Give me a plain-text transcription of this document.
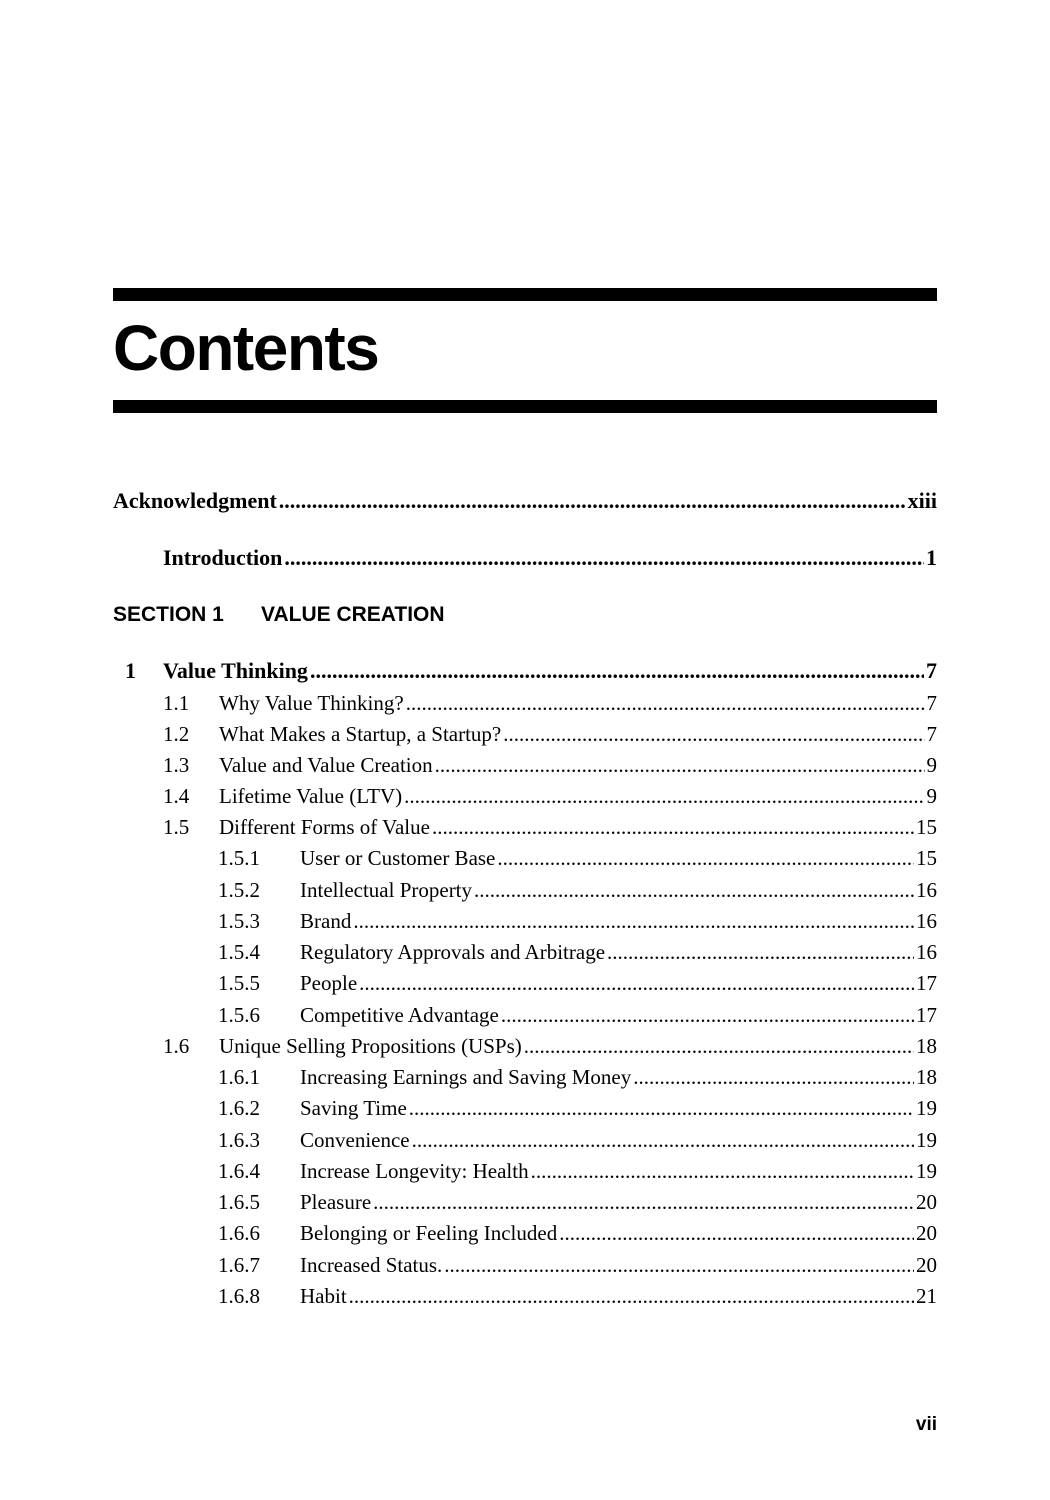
Contents
Acknowledgment .....	xiii
Introduction .....	1
SECTION 1 VALUE CREATION
1	Value Thinking .....	7
1.1	Why Value Thinking? .....	7
1.2	What Makes a Startup, a Startup? .....	7
1.3	Value and Value Creation .....	9
1.4	Lifetime Value (LTV) .....	9
1.5	Different Forms of Value .....	15
1.5.1	User or Customer Base .....	15
1.5.2	Intellectual Property .....	16
1.5.3	Brand .....	16
1.5.4	Regulatory Approvals and Arbitrage .....	16
1.5.5	People .....	17
1.5.6	Competitive Advantage .....	17
1.6	Unique Selling Propositions (USPs) .....	18
1.6.1	Increasing Earnings and Saving Money .....	18
1.6.2	Saving Time .....	19
1.6.3	Convenience .....	19
1.6.4	Increase Longevity: Health .....	19
1.6.5	Pleasure .....	20
1.6.6	Belonging or Feeling Included .....	20
1.6.7	Increased Status. .....	20
1.6.8	Habit .....	21
vii
